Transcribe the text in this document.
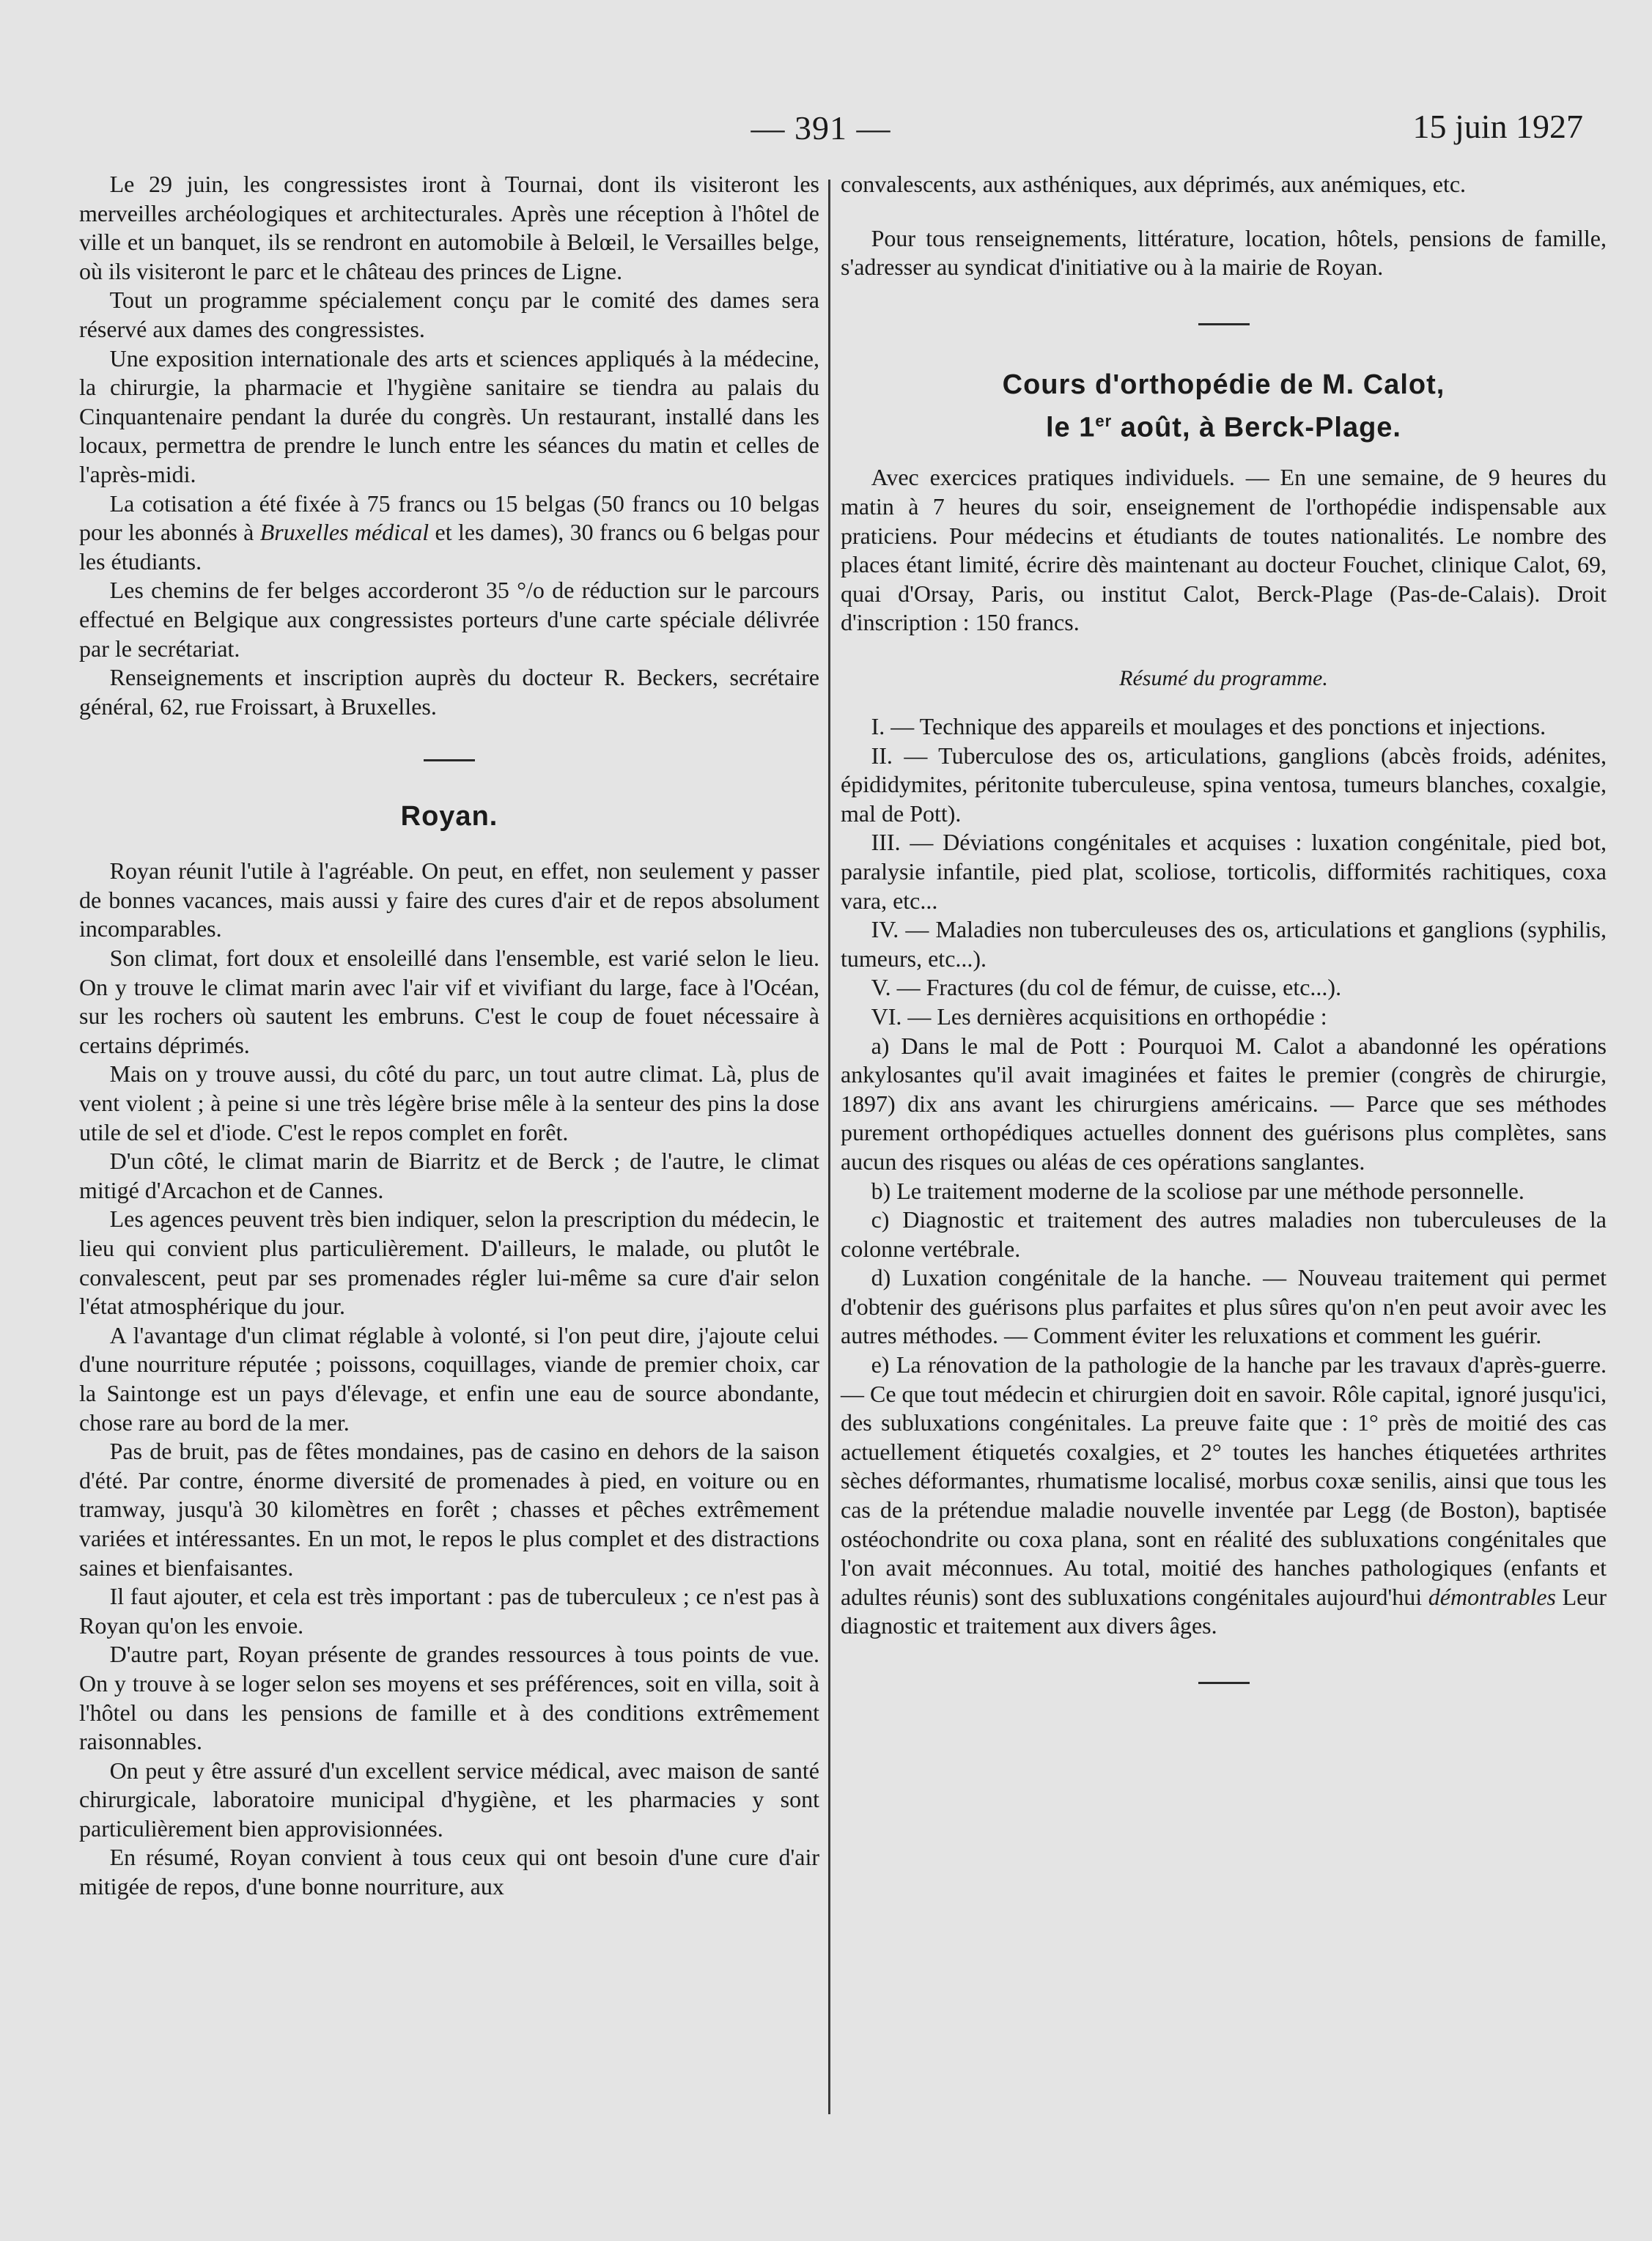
— 391 —	15 juin 1927

Le 29 juin, les congressistes iront à Tournai, dont ils visiteront les merveilles archéologiques et architecturales. Après une réception à l'hôtel de ville et un banquet, ils se rendront en automobile à Belœil, le Versailles belge, où ils visiteront le parc et le château des princes de Ligne.

Tout un programme spécialement conçu par le comité des dames sera réservé aux dames des congressistes.

Une exposition internationale des arts et sciences appliqués à la médecine, la chirurgie, la pharmacie et l'hygiène sanitaire se tiendra au palais du Cinquantenaire pendant la durée du congrès. Un restaurant, installé dans les locaux, permettra de prendre le lunch entre les séances du matin et celles de l'après-midi.

La cotisation a été fixée à 75 francs ou 15 belgas (50 francs ou 10 belgas pour les abonnés à Bruxelles médical et les dames), 30 francs ou 6 belgas pour les étudiants.

Les chemins de fer belges accorderont 35 °/o de réduction sur le parcours effectué en Belgique aux congressistes porteurs d'une carte spéciale délivrée par le secrétariat.

Renseignements et inscription auprès du docteur R. Beckers, secrétaire général, 62, rue Froissart, à Bruxelles.

Royan.

Royan réunit l'utile à l'agréable. On peut, en effet, non seulement y passer de bonnes vacances, mais aussi y faire des cures d'air et de repos absolument incomparables.

Son climat, fort doux et ensoleillé dans l'ensemble, est varié selon le lieu. On y trouve le climat marin avec l'air vif et vivifiant du large, face à l'Océan, sur les rochers où sautent les embruns. C'est le coup de fouet nécessaire à certains déprimés.

Mais on y trouve aussi, du côté du parc, un tout autre climat. Là, plus de vent violent ; à peine si une très légère brise mêle à la senteur des pins la dose utile de sel et d'iode. C'est le repos complet en forêt.

D'un côté, le climat marin de Biarritz et de Berck ; de l'autre, le climat mitigé d'Arcachon et de Cannes.

Les agences peuvent très bien indiquer, selon la prescription du médecin, le lieu qui convient plus particulièrement. D'ailleurs, le malade, ou plutôt le convalescent, peut par ses promenades régler lui-même sa cure d'air selon l'état atmosphérique du jour.

A l'avantage d'un climat réglable à volonté, si l'on peut dire, j'ajoute celui d'une nourriture réputée ; poissons, coquillages, viande de premier choix, car la Saintonge est un pays d'élevage, et enfin une eau de source abondante, chose rare au bord de la mer.

Pas de bruit, pas de fêtes mondaines, pas de casino en dehors de la saison d'été. Par contre, énorme diversité de promenades à pied, en voiture ou en tramway, jusqu'à 30 kilomètres en forêt ; chasses et pêches extrêmement variées et intéressantes. En un mot, le repos le plus complet et des distractions saines et bienfaisantes.

Il faut ajouter, et cela est très important : pas de tuberculeux ; ce n'est pas à Royan qu'on les envoie.

D'autre part, Royan présente de grandes ressources à tous points de vue. On y trouve à se loger selon ses moyens et ses préférences, soit en villa, soit à l'hôtel ou dans les pensions de famille et à des conditions extrêmement raisonnables.

On peut y être assuré d'un excellent service médical, avec maison de santé chirurgicale, laboratoire municipal d'hygiène, et les pharmacies y sont particulièrement bien approvisionnées.

En résumé, Royan convient à tous ceux qui ont besoin d'une cure d'air mitigée de repos, d'une bonne nourriture, aux

convalescents, aux asthéniques, aux déprimés, aux anémiques, etc.

Pour tous renseignements, littérature, location, hôtels, pensions de famille, s'adresser au syndicat d'initiative ou à la mairie de Royan.

Cours d'orthopédie de M. Calot,
le 1er août, à Berck-Plage.

Avec exercices pratiques individuels. — En une semaine, de 9 heures du matin à 7 heures du soir, enseignement de l'orthopédie indispensable aux praticiens. Pour médecins et étudiants de toutes nationalités. Le nombre des places étant limité, écrire dès maintenant au docteur Fouchet, clinique Calot, 69, quai d'Orsay, Paris, ou institut Calot, Berck-Plage (Pas-de-Calais). Droit d'inscription : 150 francs.

Résumé du programme.

I. — Technique des appareils et moulages et des ponctions et injections.

II. — Tuberculose des os, articulations, ganglions (abcès froids, adénites, épididymites, péritonite tuberculeuse, spina ventosa, tumeurs blanches, coxalgie, mal de Pott).

III. — Déviations congénitales et acquises : luxation congénitale, pied bot, paralysie infantile, pied plat, scoliose, torticolis, difformités rachitiques, coxa vara, etc...

IV. — Maladies non tuberculeuses des os, articulations et ganglions (syphilis, tumeurs, etc...).

V. — Fractures (du col de fémur, de cuisse, etc...).

VI. — Les dernières acquisitions en orthopédie :

a) Dans le mal de Pott : Pourquoi M. Calot a abandonné les opérations ankylosantes qu'il avait imaginées et faites le premier (congrès de chirurgie, 1897) dix ans avant les chirurgiens américains. — Parce que ses méthodes purement orthopédiques actuelles donnent des guérisons plus complètes, sans aucun des risques ou aléas de ces opérations sanglantes.

b) Le traitement moderne de la scoliose par une méthode personnelle.

c) Diagnostic et traitement des autres maladies non tuberculeuses de la colonne vertébrale.

d) Luxation congénitale de la hanche. — Nouveau traitement qui permet d'obtenir des guérisons plus parfaites et plus sûres qu'on n'en peut avoir avec les autres méthodes. — Comment éviter les reluxations et comment les guérir.

e) La rénovation de la pathologie de la hanche par les travaux d'après-guerre. — Ce que tout médecin et chirurgien doit en savoir. Rôle capital, ignoré jusqu'ici, des subluxations congénitales. La preuve faite que : 1° près de moitié des cas actuellement étiquetés coxalgies, et 2° toutes les hanches étiquetées arthrites sèches déformantes, rhumatisme localisé, morbus coxæ senilis, ainsi que tous les cas de la prétendue maladie nouvelle inventée par Legg (de Boston), baptisée ostéochondrite ou coxa plana, sont en réalité des subluxations congénitales que l'on avait méconnues. Au total, moitié des hanches pathologiques (enfants et adultes réunis) sont des subluxations congénitales aujourd'hui démontrables Leur diagnostic et traitement aux divers âges.
